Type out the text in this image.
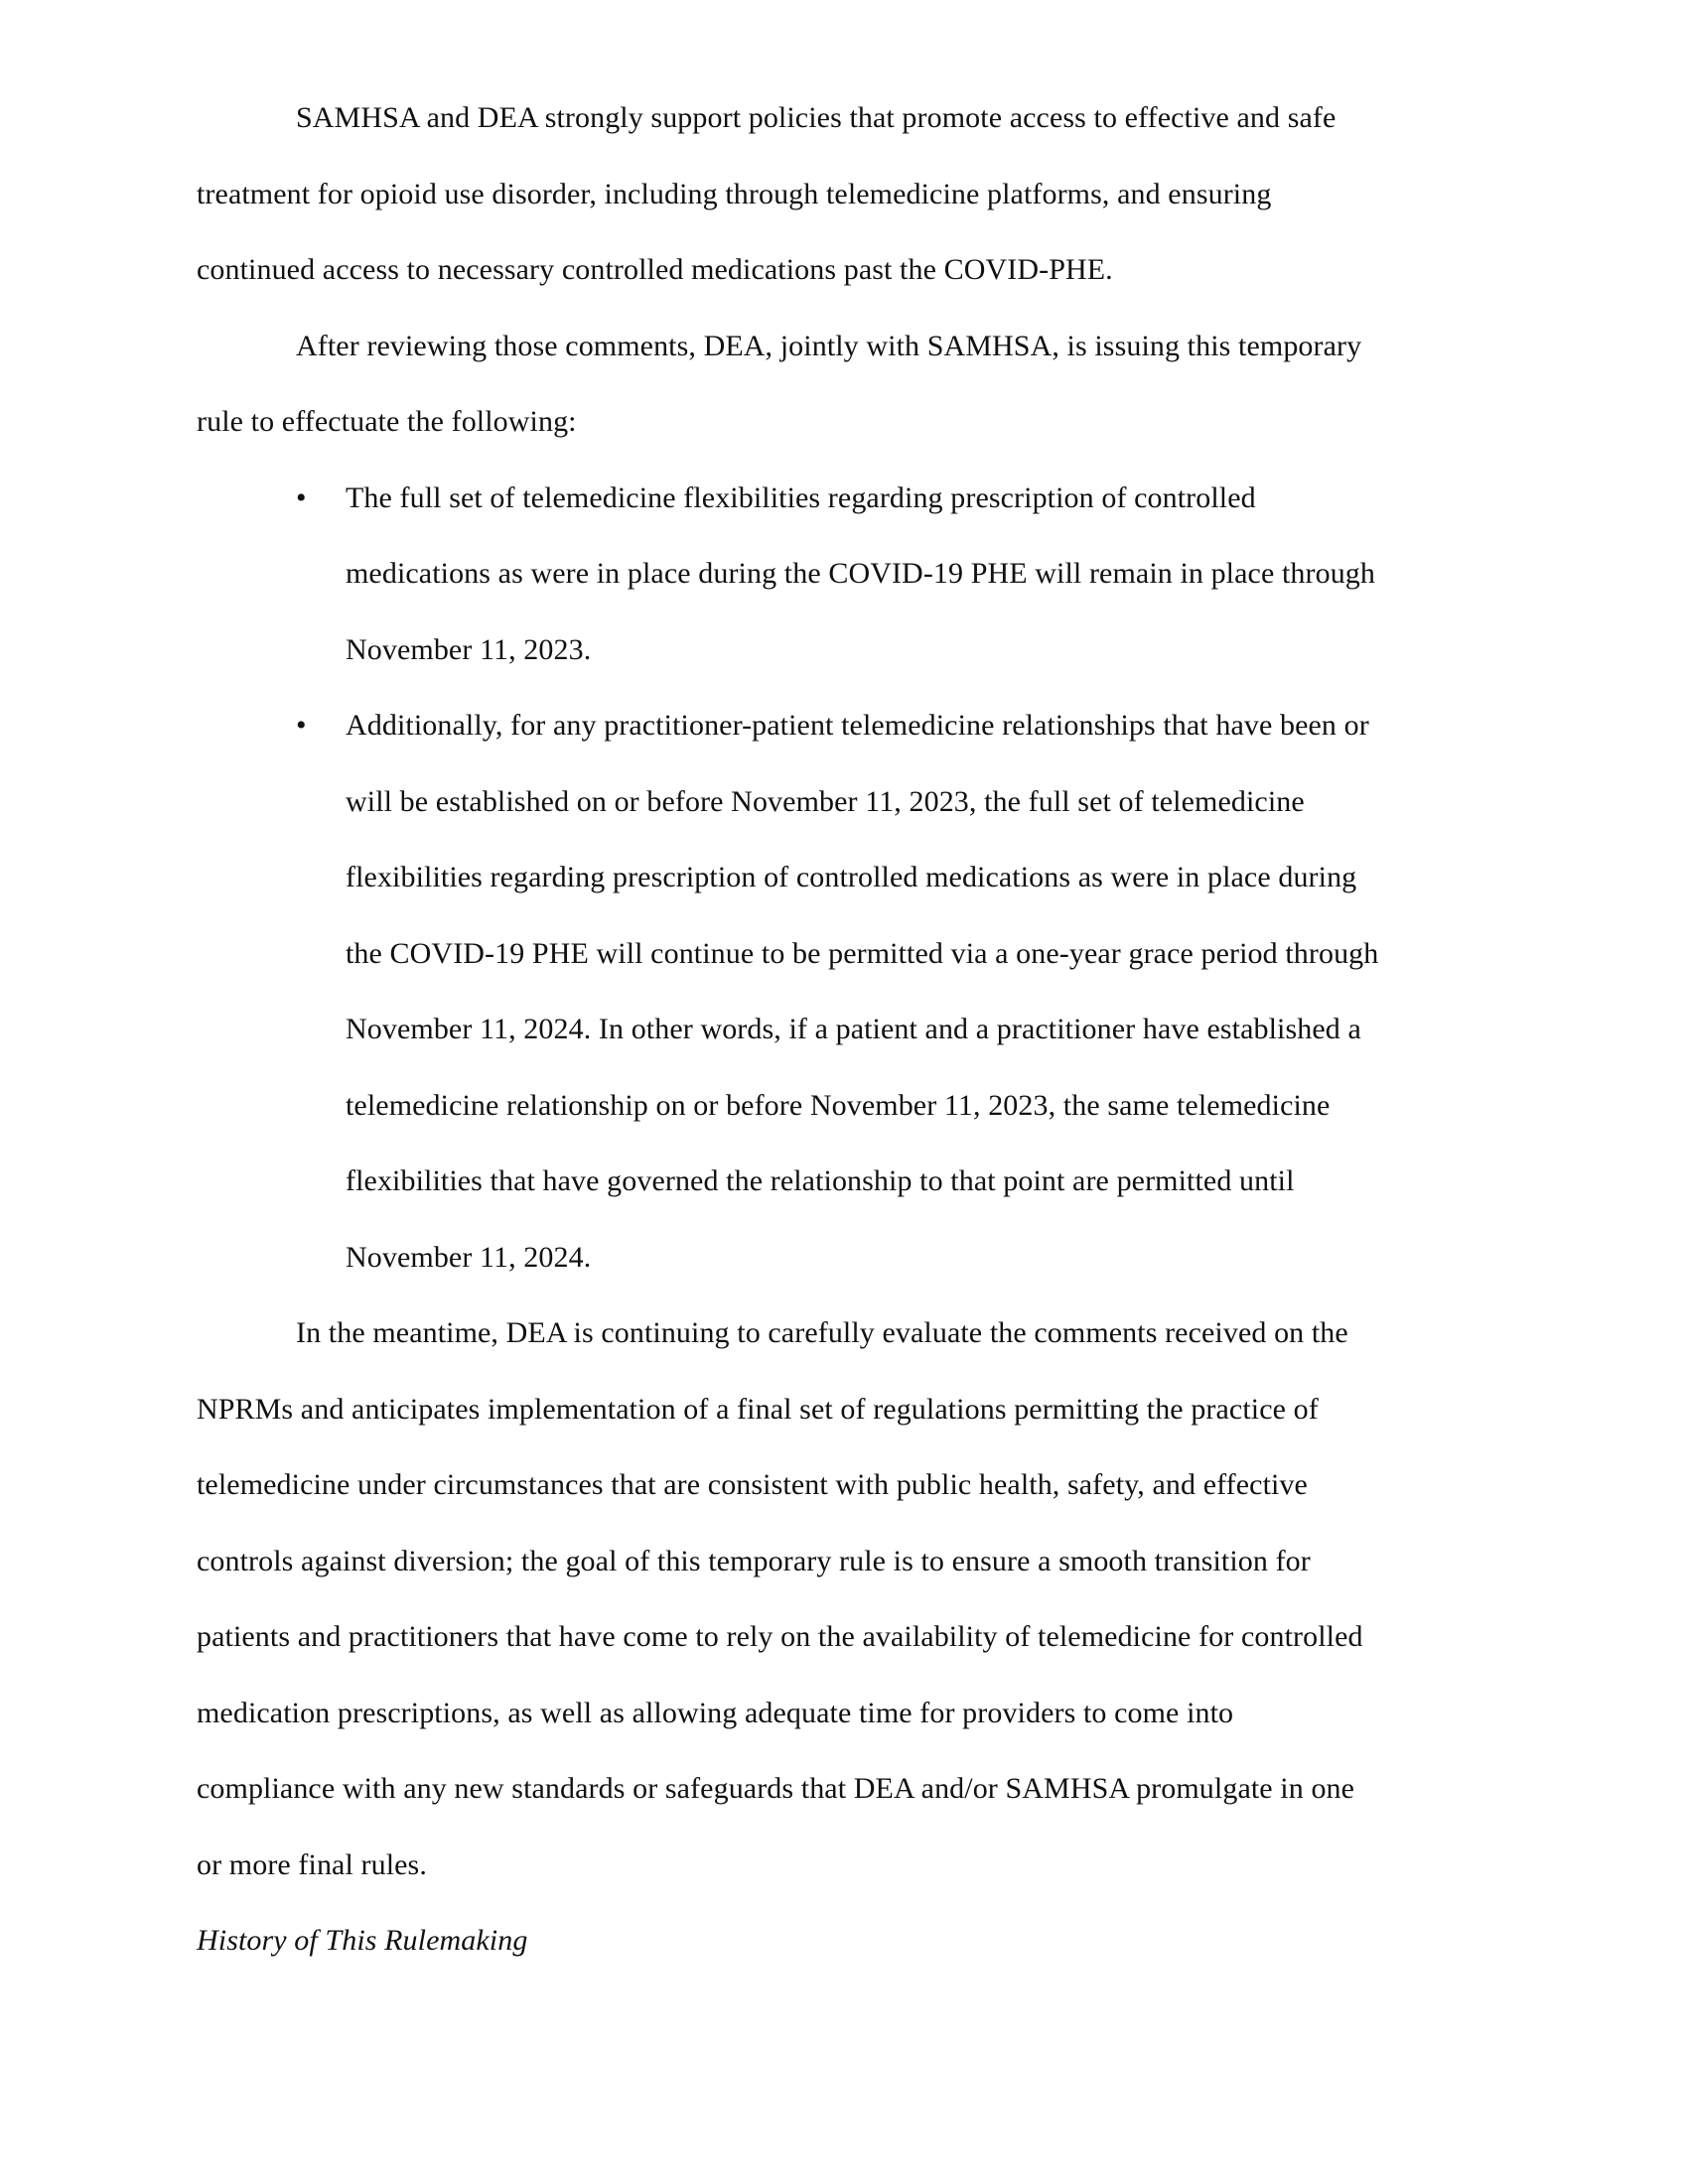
SAMHSA and DEA strongly support policies that promote access to effective and safe
treatment for opioid use disorder, including through telemedicine platforms, and ensuring
continued access to necessary controlled medications past the COVID-PHE.
After reviewing those comments, DEA, jointly with SAMHSA, is issuing this temporary
rule to effectuate the following:
• The full set of telemedicine flexibilities regarding prescription of controlled
medications as were in place during the COVID-19 PHE will remain in place through
November 11, 2023.
• Additionally, for any practitioner-patient telemedicine relationships that have been or
will be established on or before November 11, 2023, the full set of telemedicine
flexibilities regarding prescription of controlled medications as were in place during
the COVID-19 PHE will continue to be permitted via a one-year grace period through
November 11, 2024. In other words, if a patient and a practitioner have established a
telemedicine relationship on or before November 11, 2023, the same telemedicine
flexibilities that have governed the relationship to that point are permitted until
November 11, 2024.
In the meantime, DEA is continuing to carefully evaluate the comments received on the
NPRMs and anticipates implementation of a final set of regulations permitting the practice of
telemedicine under circumstances that are consistent with public health, safety, and effective
controls against diversion; the goal of this temporary rule is to ensure a smooth transition for
patients and practitioners that have come to rely on the availability of telemedicine for controlled
medication prescriptions, as well as allowing adequate time for providers to come into
compliance with any new standards or safeguards that DEA and/or SAMHSA promulgate in one
or more final rules.
History of This Rulemaking
